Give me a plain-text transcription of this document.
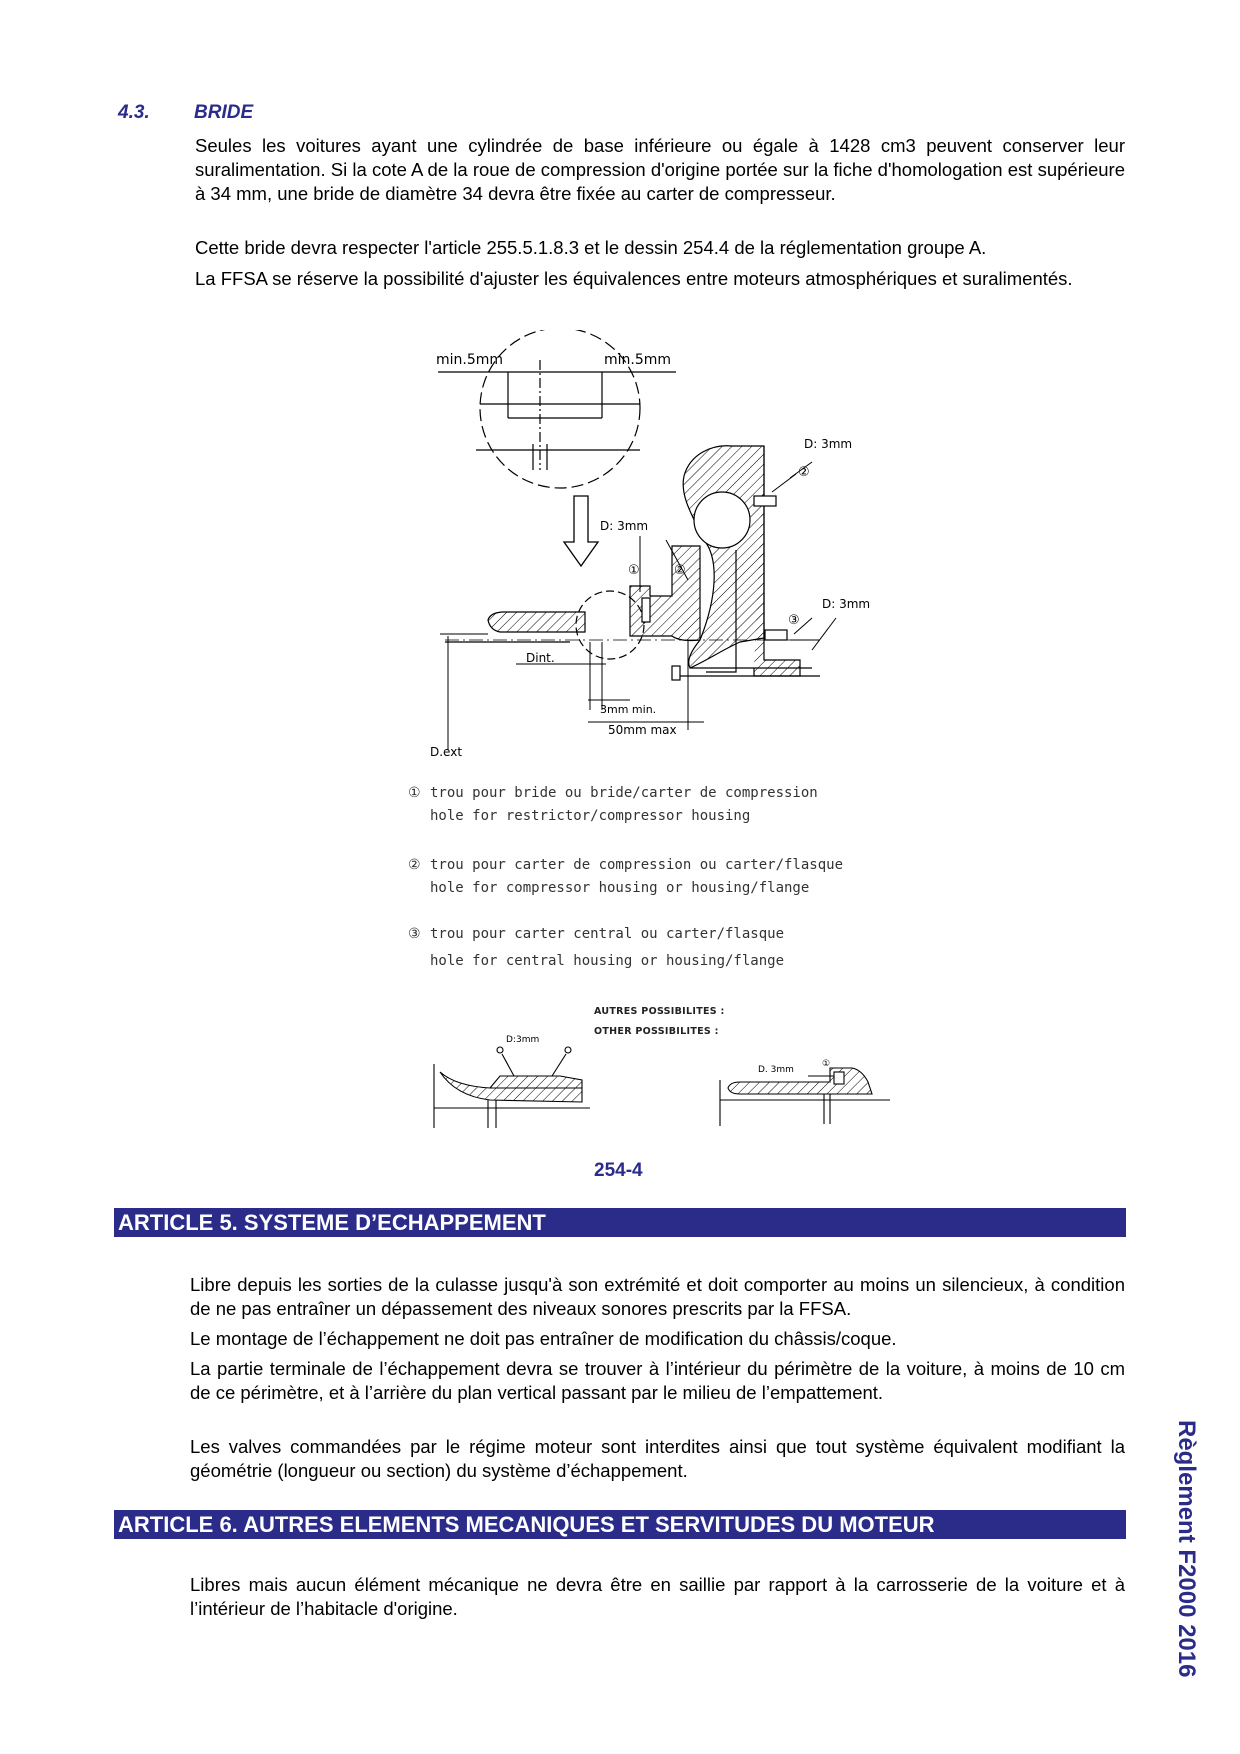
4.3. BRIDE

Seules les voitures ayant une cylindrée de base inférieure ou égale à 1428 cm3 peuvent conserver leur suralimentation. Si la cote A de la roue de compression d'origine portée sur la fiche d'homologation est supérieure à 34 mm, une bride de diamètre 34 devra être fixée au carter de compresseur.

Cette bride devra respecter l'article 255.5.1.8.3 et le dessin 254.4 de la réglementation groupe A.

La FFSA se réserve la possibilité d'ajuster les équivalences entre moteurs atmosphériques et suralimentés.

min.5mm	min.5mm
D: 3mm
D: 3mm
D: 3mm
Dint.
3mm min.
50mm max
D.ext
①	②
②
③
① trou pour bride ou bride/carter de compression
hole for restrictor/compressor housing
② trou pour carter de compression ou carter/flasque
hole for compressor housing or housing/flange
③ trou pour carter central ou carter/flasque
hole for central housing or housing/flange
AUTRES POSSIBILITES :
OTHER POSSIBILITES :
D:3mm
D. 3mm
①
254-4
ARTICLE 5. SYSTEME D’ECHAPPEMENT

Libre depuis les sorties de la culasse jusqu'à son extrémité et doit comporter au moins un silencieux, à condition de ne pas entraîner un dépassement des niveaux sonores prescrits par la FFSA.

Le montage de l’échappement ne doit pas entraîner de modification du châssis/coque.

La partie terminale de l’échappement devra se trouver à l’intérieur du périmètre de la voiture, à moins de 10 cm de ce périmètre, et à l’arrière du plan vertical passant par le milieu de l’empattement.

Les valves commandées par le régime moteur sont interdites ainsi que tout système équivalent modifiant la géométrie (longueur ou section) du système d’échappement.

ARTICLE 6. AUTRES ELEMENTS MECANIQUES ET SERVITUDES DU MOTEUR

Libres mais aucun élément mécanique ne devra être en saillie par rapport à la carrosserie de la voiture et à l’intérieur de l’habitacle d'origine.	Règlement F2000 2016
